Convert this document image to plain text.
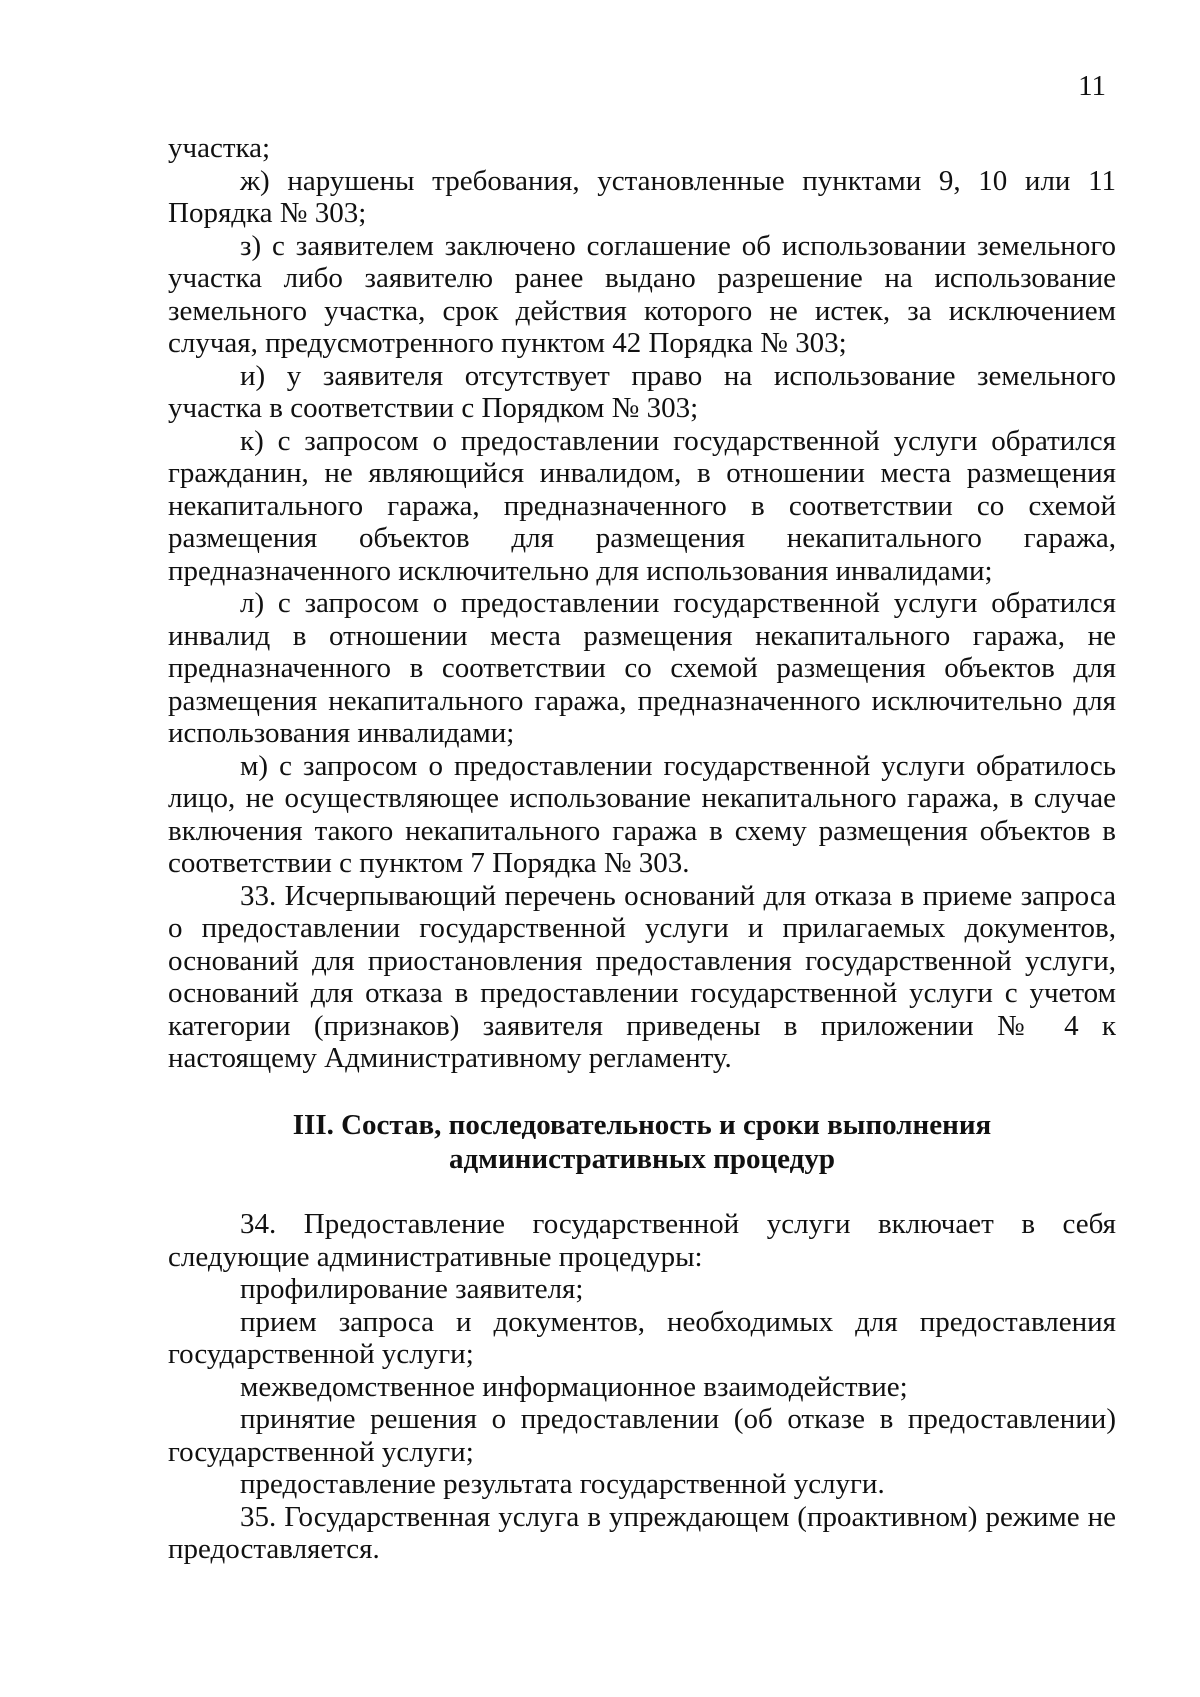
11

участка;

ж) нарушены требования, установленные пунктами 9, 10 или 11 Порядка № 303;

з) с заявителем заключено соглашение об использовании земельного участка либо заявителю ранее выдано разрешение на использование земельного участка, срок действия которого не истек, за исключением случая, предусмотренного пунктом 42 Порядка № 303;

и) у заявителя отсутствует право на использование земельного участка в соответствии с Порядком № 303;

к) с запросом о предоставлении государственной услуги обратился гражданин, не являющийся инвалидом, в отношении места размещения некапитального гаража, предназначенного в соответствии со схемой размещения объектов для размещения некапитального гаража, предназначенного исключительно для использования инвалидами;

л) с запросом о предоставлении государственной услуги обратился инвалид в отношении места размещения некапитального гаража, не предназначенного в соответствии со схемой размещения объектов для размещения некапитального гаража, предназначенного исключительно для использования инвалидами;

м) с запросом о предоставлении государственной услуги обратилось лицо, не осуществляющее использование некапитального гаража, в случае включения такого некапитального гаража в схему размещения объектов в соответствии с пунктом 7 Порядка № 303.

33. Исчерпывающий перечень оснований для отказа в приеме запроса о предоставлении государственной услуги и прилагаемых документов, оснований для приостановления предоставления государственной услуги, оснований для отказа в предоставлении государственной услуги с учетом категории (признаков) заявителя приведены в приложении № 4 к настоящему Административному регламенту.

III. Состав, последовательность и сроки выполнения
административных процедур

34. Предоставление государственной услуги включает в себя следующие административные процедуры:

профилирование заявителя;

прием запроса и документов, необходимых для предоставления государственной услуги;

межведомственное информационное взаимодействие;

принятие решения о предоставлении (об отказе в предоставлении) государственной услуги;

предоставление результата государственной услуги.

35. Государственная услуга в упреждающем (проактивном) режиме не предоставляется.
